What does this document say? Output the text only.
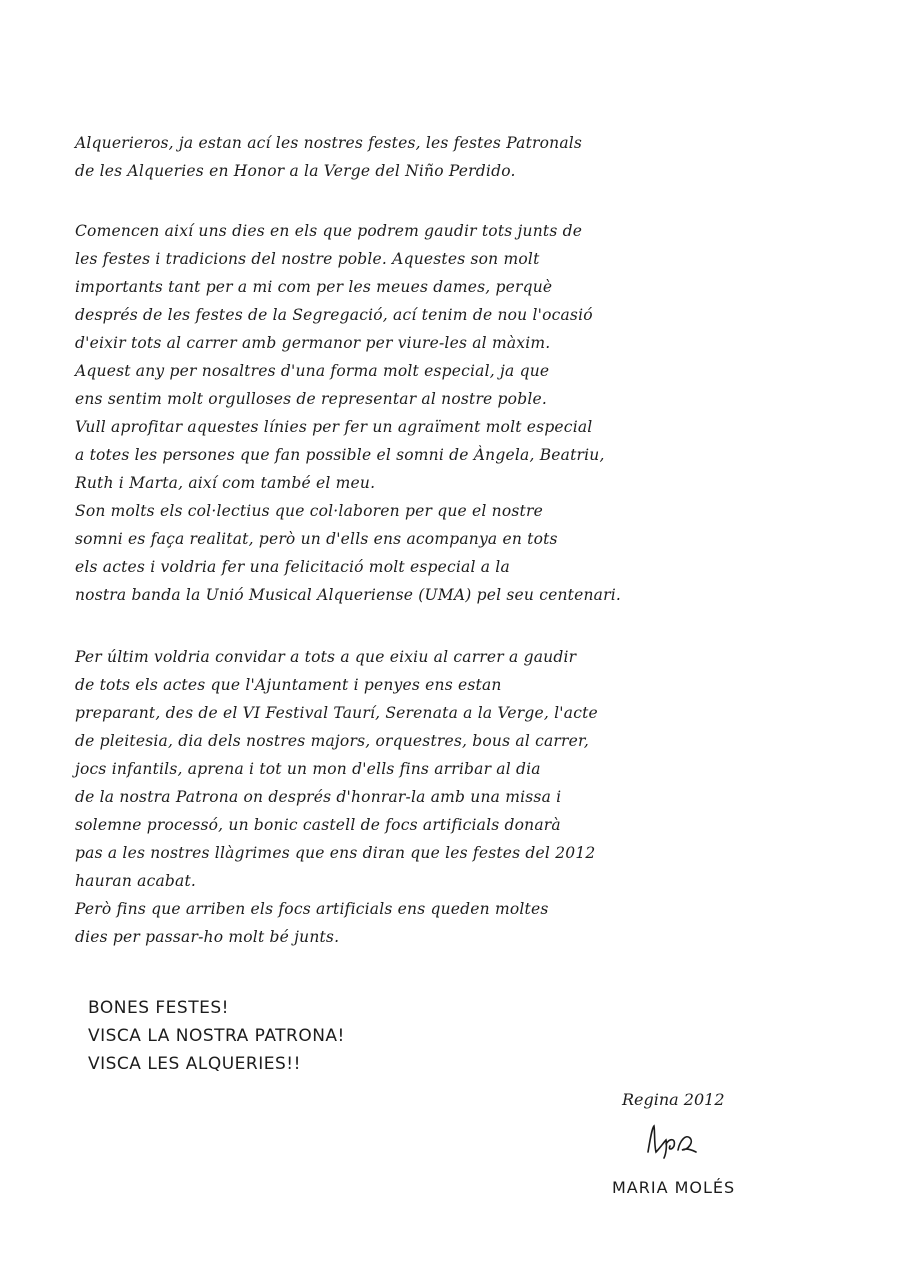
Alquerieros, ja estan ací les nostres festes, les festes Patronals
de les Alqueries en Honor a la Verge del Niño Perdido.
Comencen així uns dies en els que podrem gaudir tots junts de
les festes i tradicions del nostre poble. Aquestes son molt
importants tant per a mi com per les meues dames, perquè
després de les festes de la Segregació, ací tenim de nou l'ocasió
d'eixir tots al carrer amb germanor per viure-les al màxim.
Aquest any per nosaltres d'una forma molt especial, ja que
ens sentim molt orgulloses de representar al nostre poble.
Vull aprofitar aquestes línies per fer un agraïment molt especial
a totes les persones que fan possible el somni de Àngela, Beatriu,
Ruth i Marta, així com també el meu.
Son molts els col·lectius que col·laboren per que el nostre
somni es faça realitat, però un d'ells ens acompanya en tots
els actes i voldria fer una felicitació molt especial a la
nostra banda la Unió Musical Alqueriense (UMA) pel seu centenari.
Per últim voldria convidar a tots a que eixiu al carrer a gaudir
de tots els actes que l'Ajuntament i penyes ens estan
preparant, des de el VI Festival Taurí, Serenata a la Verge, l'acte
de pleitesia, dia dels nostres majors, orquestres, bous al carrer,
jocs infantils, aprena i tot un mon d'ells fins arribar al dia
de la nostra Patrona on després d'honrar-la amb una missa i
solemne processó, un bonic castell de focs artificials donarà
pas a les nostres llàgrimes que ens diran que les festes del 2012
hauran acabat.
Però fins que arriben els focs artificials ens queden moltes
dies per passar-ho molt bé junts.
BONES FESTES!
VISCA LA NOSTRA PATRONA!
VISCA LES ALQUERIES!!
Regina 2012
MARIA MOLÉS
